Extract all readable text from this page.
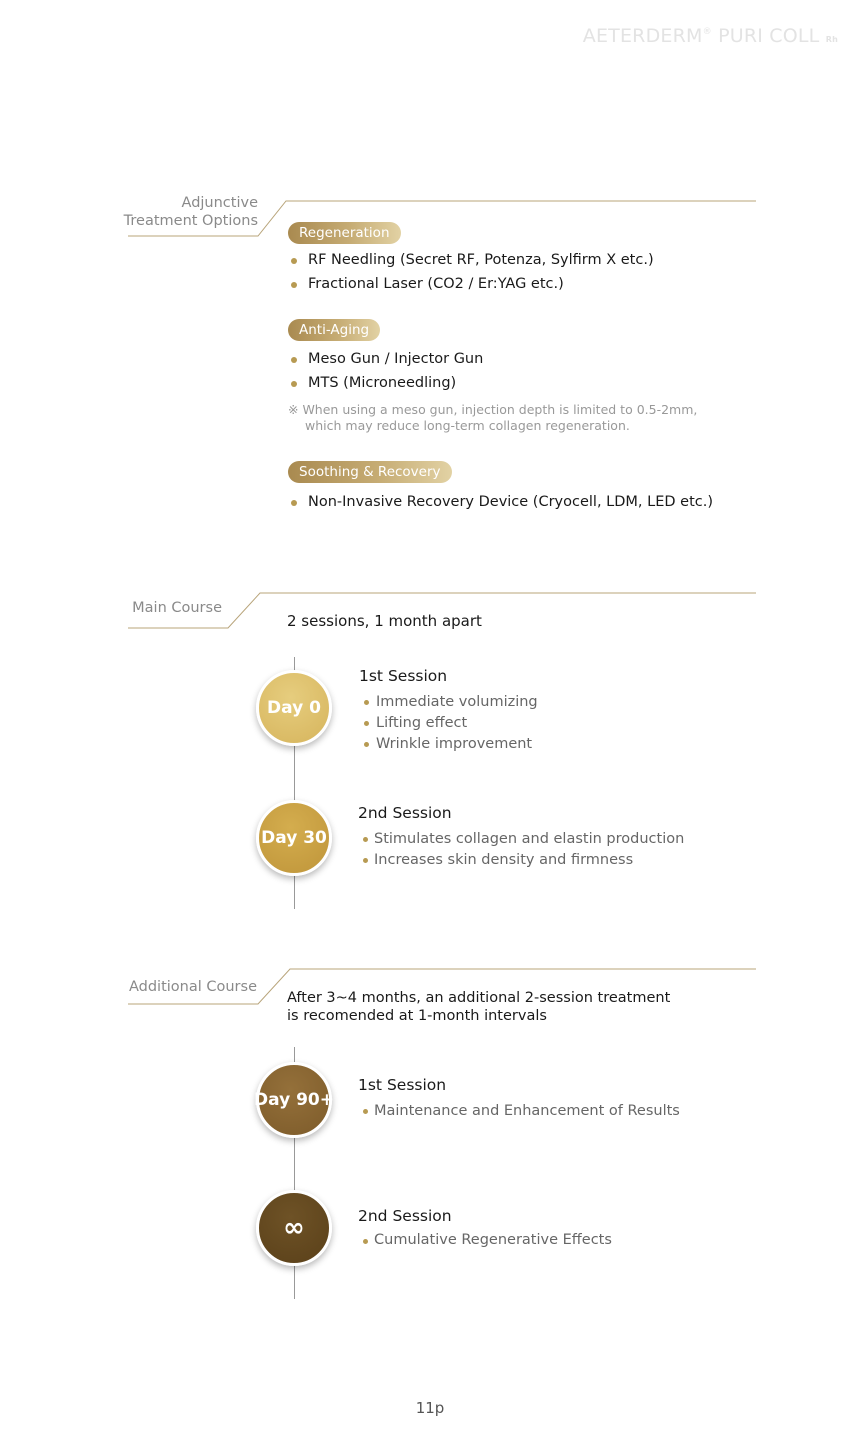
AETERDERM® PURI COLL Rh
Adjunctive
Treatment Options
Regeneration
RF Needling (Secret RF, Potenza, Sylfirm X etc.)
Fractional Laser (CO2 / Er:YAG etc.)
Anti-Aging
Meso Gun / Injector Gun
MTS (Microneedling)
※ When using a meso gun, injection depth is limited to 0.5-2mm,
which may reduce long-term collagen regeneration.
Soothing & Recovery
Non-Invasive Recovery Device (Cryocell, LDM, LED etc.)
Main Course
2 sessions, 1 month apart
Day 0
1st Session
Immediate volumizing
Lifting effect
Wrinkle improvement
Day 30
2nd Session
Stimulates collagen and elastin production
Increases skin density and firmness
Additional Course
After 3~4 months, an additional 2-session treatment
is recomended at 1-month intervals
Day 90+
1st Session
Maintenance and Enhancement of Results
∞	2nd Session
Cumulative Regenerative Effects
11p
